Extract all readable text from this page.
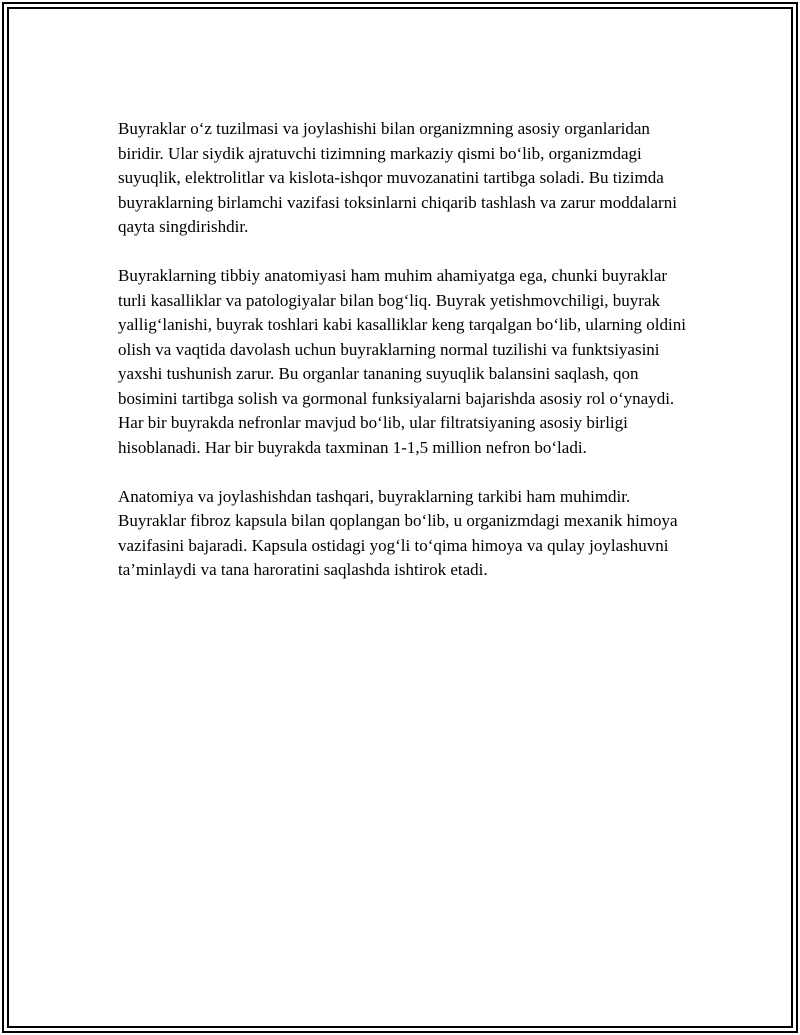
Buyraklar o‘z tuzilmasi va joylashishi bilan organizmning asosiy organlaridan biridir. Ular siydik ajratuvchi tizimning markaziy qismi bo‘lib, organizmdagi suyuqlik, elektrolitlar va kislota-ishqor muvozanatini tartibga soladi. Bu tizimda buyraklarning birlamchi vazifasi toksinlarni chiqarib tashlash va zarur moddalarni qayta singdirishdir.

Buyraklarning tibbiy anatomiyasi ham muhim ahamiyatga ega, chunki buyraklar turli kasalliklar va patologiyalar bilan bog‘liq. Buyrak yetishmovchiligi, buyrak yallig‘lanishi, buyrak toshlari kabi kasalliklar keng tarqalgan bo‘lib, ularning oldini olish va vaqtida davolash uchun buyraklarning normal tuzilishi va funktsiyasini yaxshi tushunish zarur. Bu organlar tananing suyuqlik balansini saqlash, qon bosimini tartibga solish va gormonal funksiyalarni bajarishda asosiy rol o‘ynaydi. Har bir buyrakda nefronlar mavjud bo‘lib, ular filtratsiyaning asosiy birligi hisoblanadi. Har bir buyrakda taxminan 1-1,5 million nefron bo‘ladi.

Anatomiya va joylashishdan tashqari, buyraklarning tarkibi ham muhimdir. Buyraklar fibroz kapsula bilan qoplangan bo‘lib, u organizmdagi mexanik himoya vazifasini bajaradi. Kapsula ostidagi yog‘li to‘qima himoya va qulay joylashuvni ta’minlaydi va tana haroratini saqlashda ishtirok etadi.
